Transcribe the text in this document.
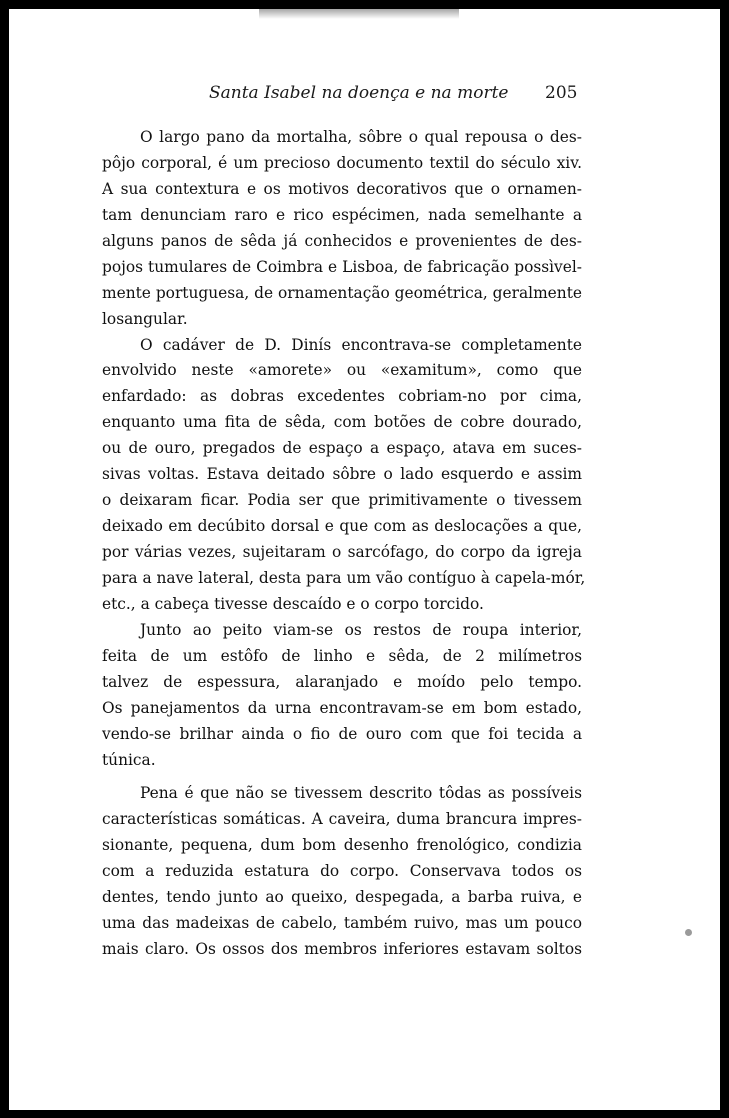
Santa Isabel na doença e na morte 205
O largo pano da mortalha, sôbre o qual repousa o des-
pôjo corporal, é um precioso documento textil do século xiv.
A sua contextura e os motivos decorativos que o ornamen-
tam denunciam raro e rico espécimen, nada semelhante a
alguns panos de sêda já conhecidos e provenientes de des-
pojos tumulares de Coimbra e Lisboa, de fabricação possìvel-
mente portuguesa, de ornamentação geométrica, geralmente
losangular.
O cadáver de D. Dinís encontrava-se completamente
envolvido neste «amorete» ou «examitum», como que
enfardado: as dobras excedentes cobriam-no por cima,
enquanto uma fita de sêda, com botões de cobre dourado,
ou de ouro, pregados de espaço a espaço, atava em suces-
sivas voltas. Estava deitado sôbre o lado esquerdo e assim
o deixaram ficar. Podia ser que primitivamente o tivessem
deixado em decúbito dorsal e que com as deslocações a que,
por várias vezes, sujeitaram o sarcófago, do corpo da igreja
para a nave lateral, desta para um vão contíguo à capela-mór,
etc., a cabeça tivesse descaído e o corpo torcido.
Junto ao peito viam-se os restos de roupa interior,
feita de um estôfo de linho e sêda, de 2 milímetros
talvez de espessura, alaranjado e moído pelo tempo.
Os panejamentos da urna encontravam-se em bom estado,
vendo-se brilhar ainda o fio de ouro com que foi tecida a
túnica.
Pena é que não se tivessem descrito tôdas as possíveis
características somáticas. A caveira, duma brancura impres-
sionante, pequena, dum bom desenho frenológico, condizia
com a reduzida estatura do corpo. Conservava todos os
dentes, tendo junto ao queixo, despegada, a barba ruiva, e
uma das madeixas de cabelo, também ruivo, mas um pouco
mais claro. Os ossos dos membros inferiores estavam soltos
